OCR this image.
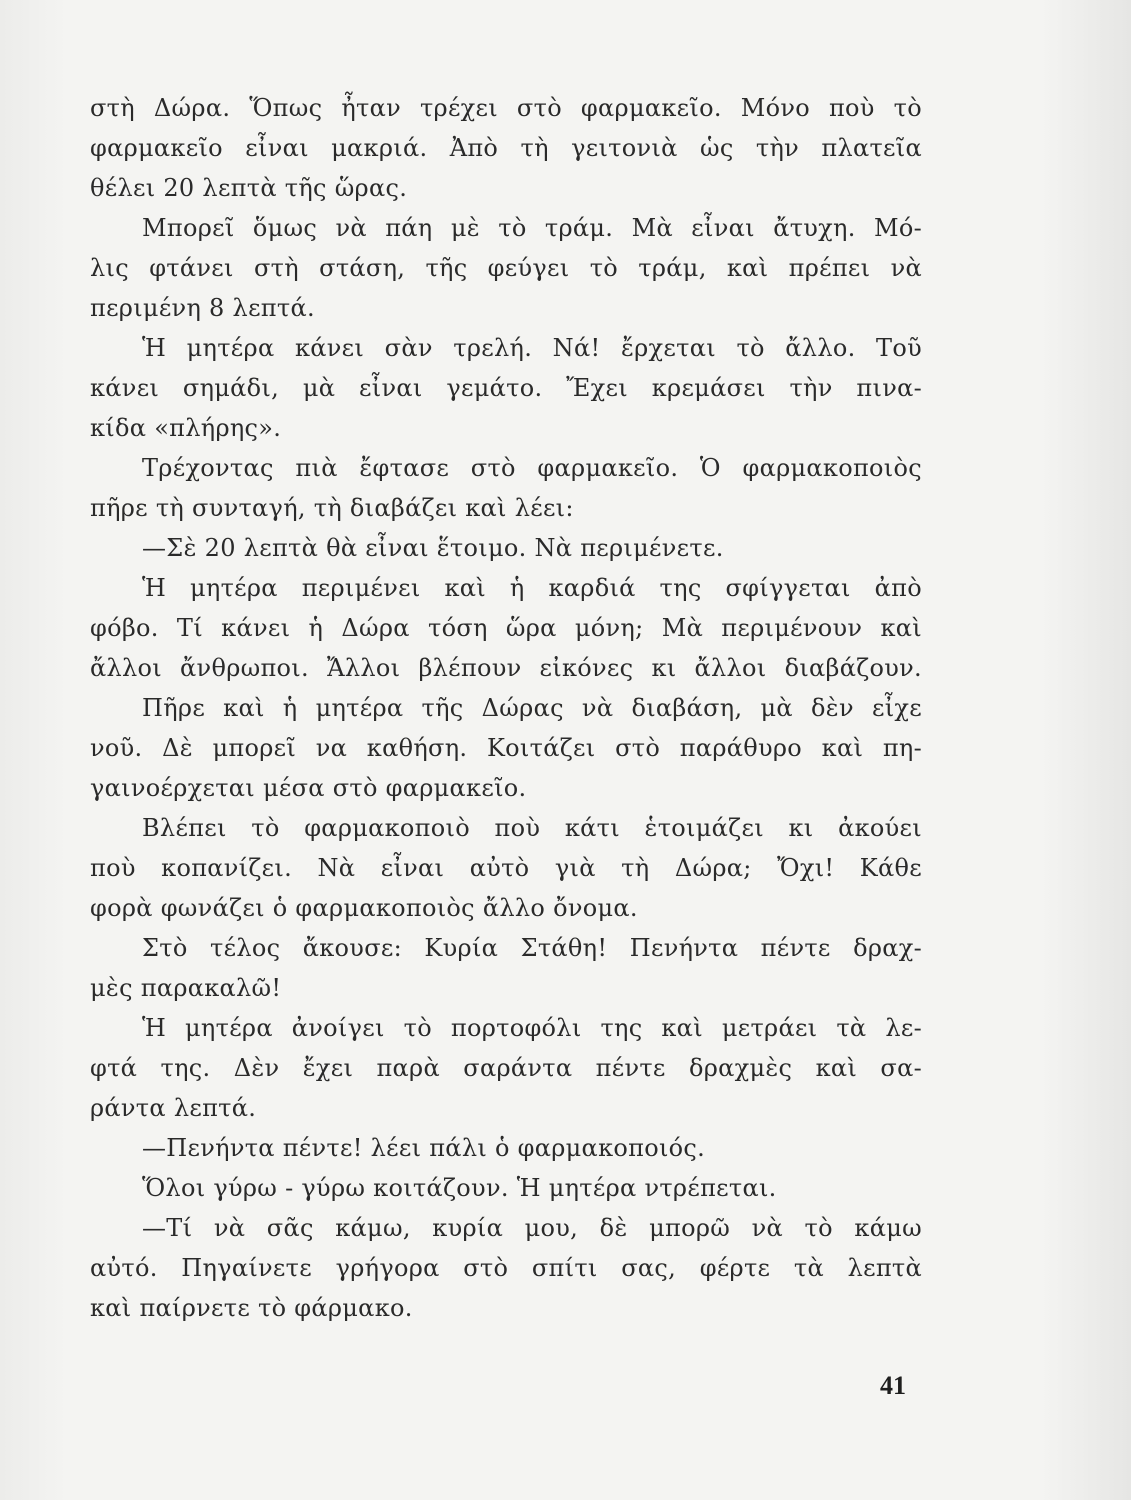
στὴ Δώρα. Ὅπως ἦταν τρέχει στὸ φαρμακεῖο. Μόνο ποὺ τὸ
φαρμακεῖο εἶναι μακριά. Ἀπὸ τὴ γειτονιὰ ὡς τὴν πλατεῖα
θέλει 20 λεπτὰ τῆς ὥρας.
Μπορεῖ ὅμως νὰ πάη μὲ τὸ τράμ. Μὰ εἶναι ἄτυχη. Μό-
λις φτάνει στὴ στάση, τῆς φεύγει τὸ τράμ, καὶ πρέπει νὰ
περιμένη 8 λεπτά.
Ἡ μητέρα κάνει σὰν τρελή. Νά! ἔρχεται τὸ ἄλλο. Τοῦ
κάνει σημάδι, μὰ εἶναι γεμάτο. Ἔχει κρεμάσει τὴν πινα-
κίδα «πλήρης».
Τρέχοντας πιὰ ἔφτασε στὸ φαρμακεῖο. Ὁ φαρμακοποιὸς
πῆρε τὴ συνταγή, τὴ διαβάζει καὶ λέει:
—Σὲ 20 λεπτὰ θὰ εἶναι ἕτοιμο. Νὰ περιμένετε.
Ἡ μητέρα περιμένει καὶ ἡ καρδιά της σφίγγεται ἀπὸ
φόβο. Τί κάνει ἡ Δώρα τόση ὥρα μόνη; Μὰ περιμένουν καὶ
ἄλλοι ἄνθρωποι. Ἄλλοι βλέπουν εἰκόνες κι ἄλλοι διαβάζουν.
Πῆρε καὶ ἡ μητέρα τῆς Δώρας νὰ διαβάση, μὰ δὲν εἶχε
νοῦ. Δὲ μπορεῖ να καθήση. Κοιτάζει στὸ παράθυρο καὶ πη-
γαινοέρχεται μέσα στὸ φαρμακεῖο.
Βλέπει τὸ φαρμακοποιὸ ποὺ κάτι ἑτοιμάζει κι ἀκούει
ποὺ κοπανίζει. Νὰ εἶναι αὐτὸ γιὰ τὴ Δώρα; Ὄχι! Κάθε
φορὰ φωνάζει ὁ φαρμακοποιὸς ἄλλο ὄνομα.
Στὸ τέλος ἄκουσε: Κυρία Στάθη! Πενήντα πέντε δραχ-
μὲς παρακαλῶ!
Ἡ μητέρα ἀνοίγει τὸ πορτοφόλι της καὶ μετράει τὰ λε-
φτά της. Δὲν ἔχει παρὰ σαράντα πέντε δραχμὲς καὶ σα-
ράντα λεπτά.
—Πενήντα πέντε! λέει πάλι ὁ φαρμακοποιός.
Ὅλοι γύρω - γύρω κοιτάζουν. Ἡ μητέρα ντρέπεται.
—Τί νὰ σᾶς κάμω, κυρία μου, δὲ μπορῶ νὰ τὸ κάμω
αὐτό. Πηγαίνετε γρήγορα στὸ σπίτι σας, φέρτε τὰ λεπτὰ
καὶ παίρνετε τὸ φάρμακο.
41
